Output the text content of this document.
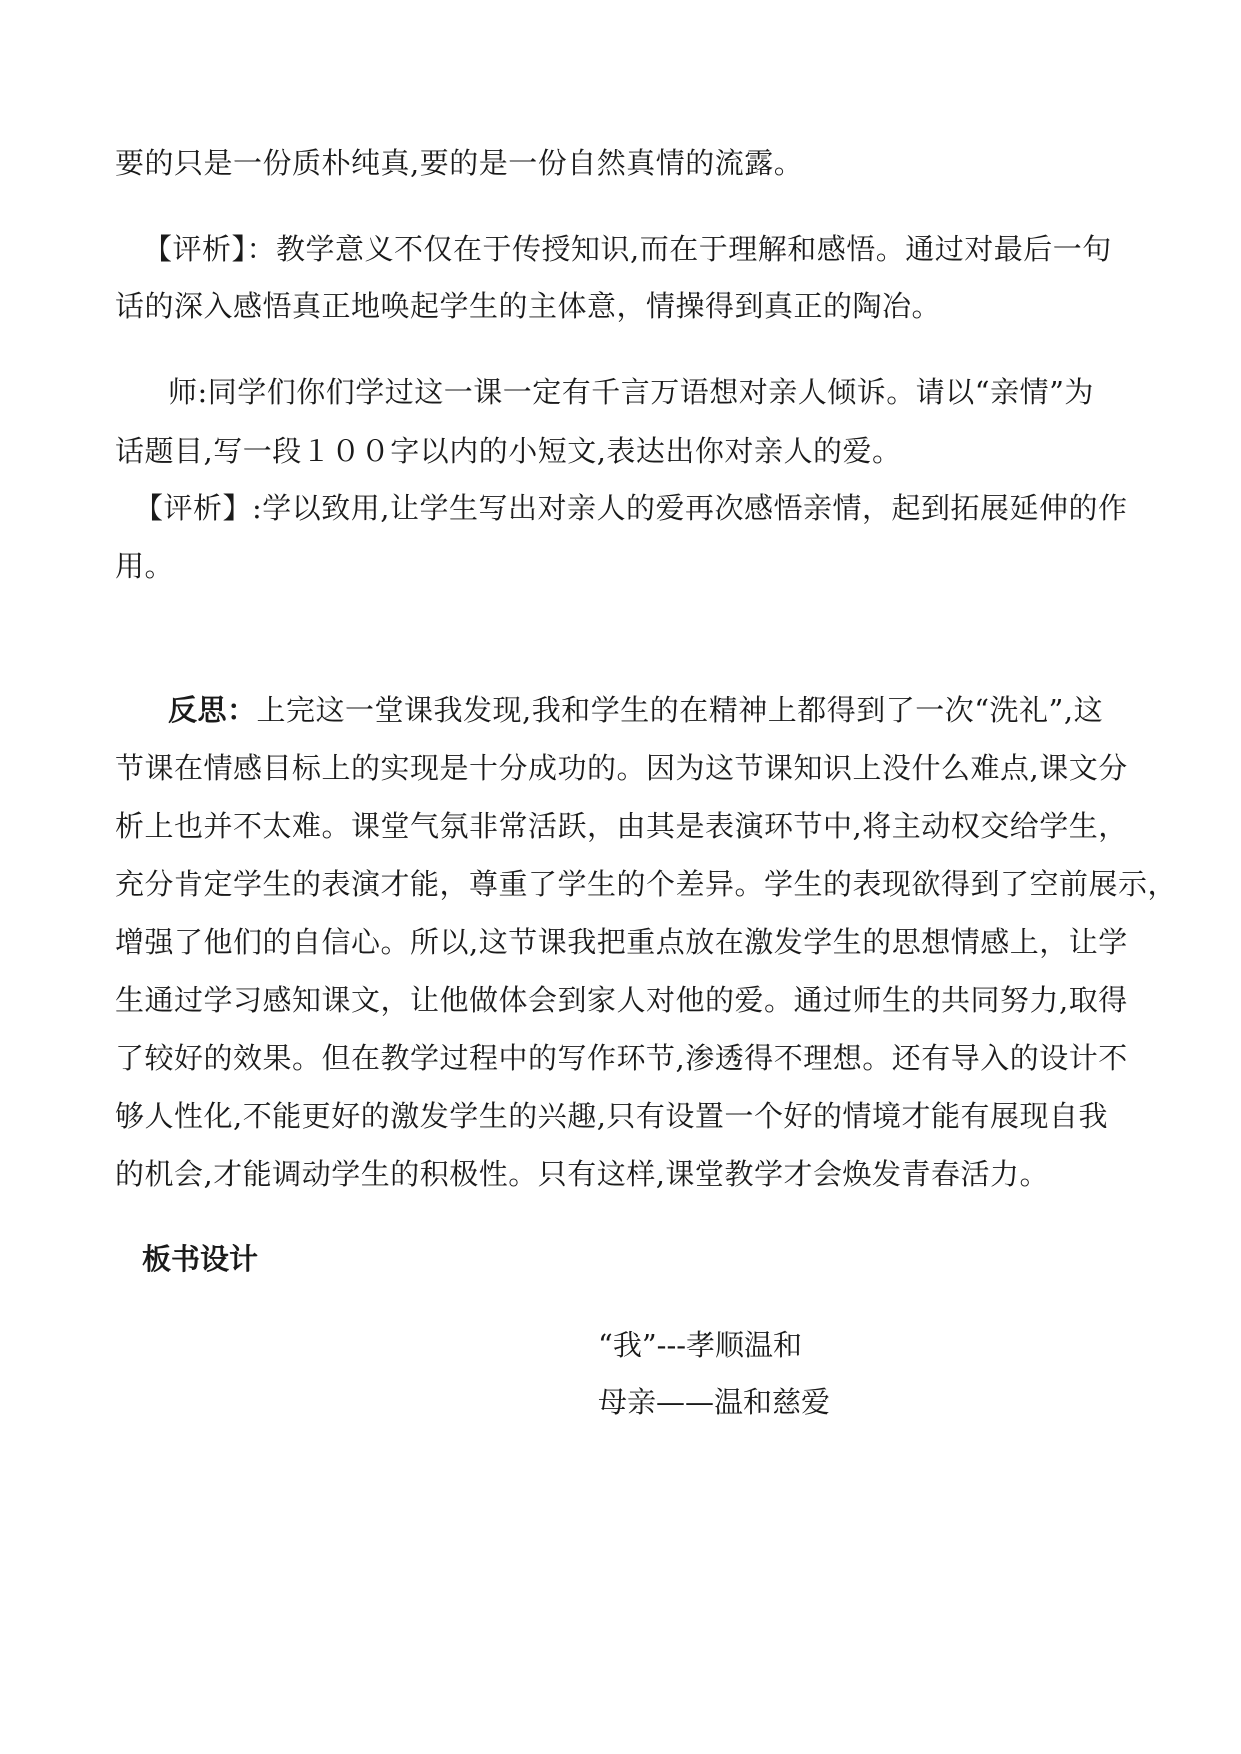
要的只是一份质朴纯真,要的是一份自然真情的流露。
【评析】：教学意义不仅在于传授知识,而在于理解和感悟。通过对最后一句
话的深入感悟真正地唤起学生的主体意，情操得到真正的陶冶。
师:同学们你们学过这一课一定有千言万语想对亲人倾诉。请以“亲情”为
话题目,写一段１００字以内的小短文,表达出你对亲人的爱。
【评析】:学以致用,让学生写出对亲人的爱再次感悟亲情，起到拓展延伸的作
用。
反思：上完这一堂课我发现,我和学生的在精神上都得到了一次“洗礼”,这
节课在情感目标上的实现是十分成功的。因为这节课知识上没什么难点,课文分
析上也并不太难。课堂气氛非常活跃，由其是表演环节中,将主动权交给学生，
充分肯定学生的表演才能，尊重了学生的个差异。学生的表现欲得到了空前展示，
增强了他们的自信心。所以,这节课我把重点放在激发学生的思想情感上，让学
生通过学习感知课文，让他做体会到家人对他的爱。通过师生的共同努力,取得
了较好的效果。但在教学过程中的写作环节,渗透得不理想。还有导入的设计不
够人性化,不能更好的激发学生的兴趣,只有设置一个好的情境才能有展现自我
的机会,才能调动学生的积极性。只有这样,课堂教学才会焕发青春活力。
板书设计
“我”---孝顺温和
母亲——温和慈爱
